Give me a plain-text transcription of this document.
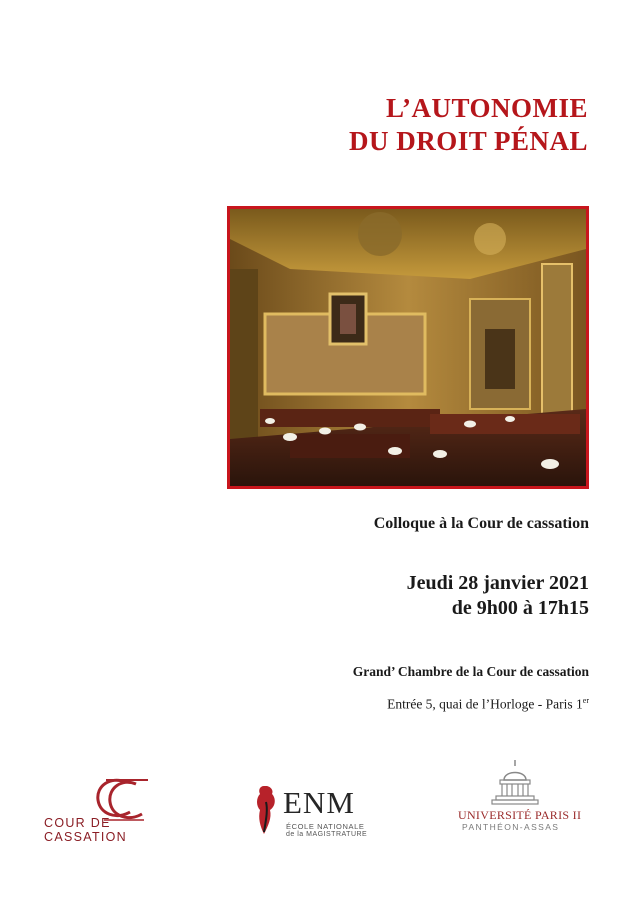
L’AUTONOMIE
DU DROIT PÉNAL
Colloque à la Cour de cassation
Jeudi 28 janvier 2021
de 9h00 à 17h15
Grand’ Chambre de la Cour de cassation
Entrée 5, quai de l’Horloge - Paris 1er
COUR DE CASSATION
ENM
ÉCOLE NATIONALE
de la MAGISTRATURE
UNIVERSITÉ PARIS II
PANTHÉON-ASSAS
